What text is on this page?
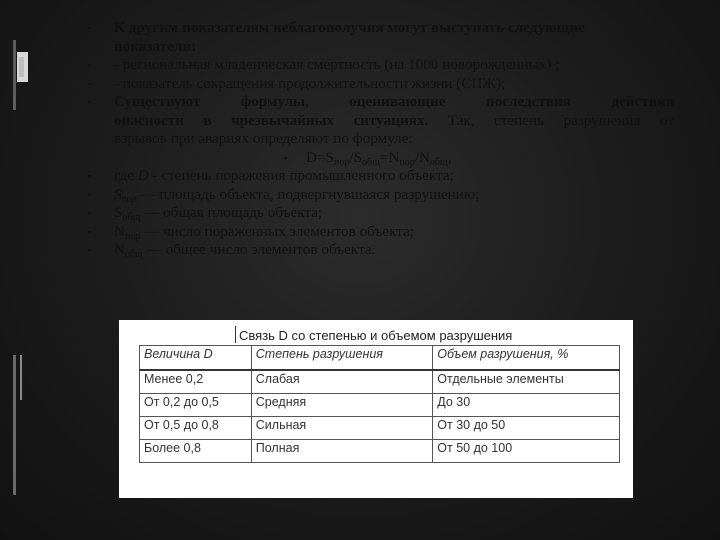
▪ К другим показателям неблагополучия могут выступать следующие
показатели:
▪ - региональная младенческая смертность (на 1000 новорожденных) ;
▪ - показатель сокращения продолжительности жизни (СПЖ);
▪ Существуют формулы, оценивающие последствия действия
опасности в чрезвычайных ситуациях. Так, степень разрушения от
взрывов при авариях определяют по формуле:
▪ $D=S_{пор}/S_{общ}=N_{пор}/N_{общ}$,
▪ где D - степень поражения промышленного объекта;
▪ $S_{пор}$ — площадь объекта, подвергнувшаяся разрушению;
▪ $S_{общ}$ — общая площадь объекта;
▪ $N_{пор}$ — число пораженных элементов объекта;
▪ $N_{общ}$ — общее число элементов объекта.
Связь D со степенью и объемом разрушения
Величина D	Степень разрушения	Объем разрушения, %
Менее 0,2	Слабая	Отдельные элементы
От 0,2 до 0,5	Средняя	До 30
От 0,5 до 0,8	Сильная	От 30 до 50
Более 0,8	Полная	От 50 до 100
